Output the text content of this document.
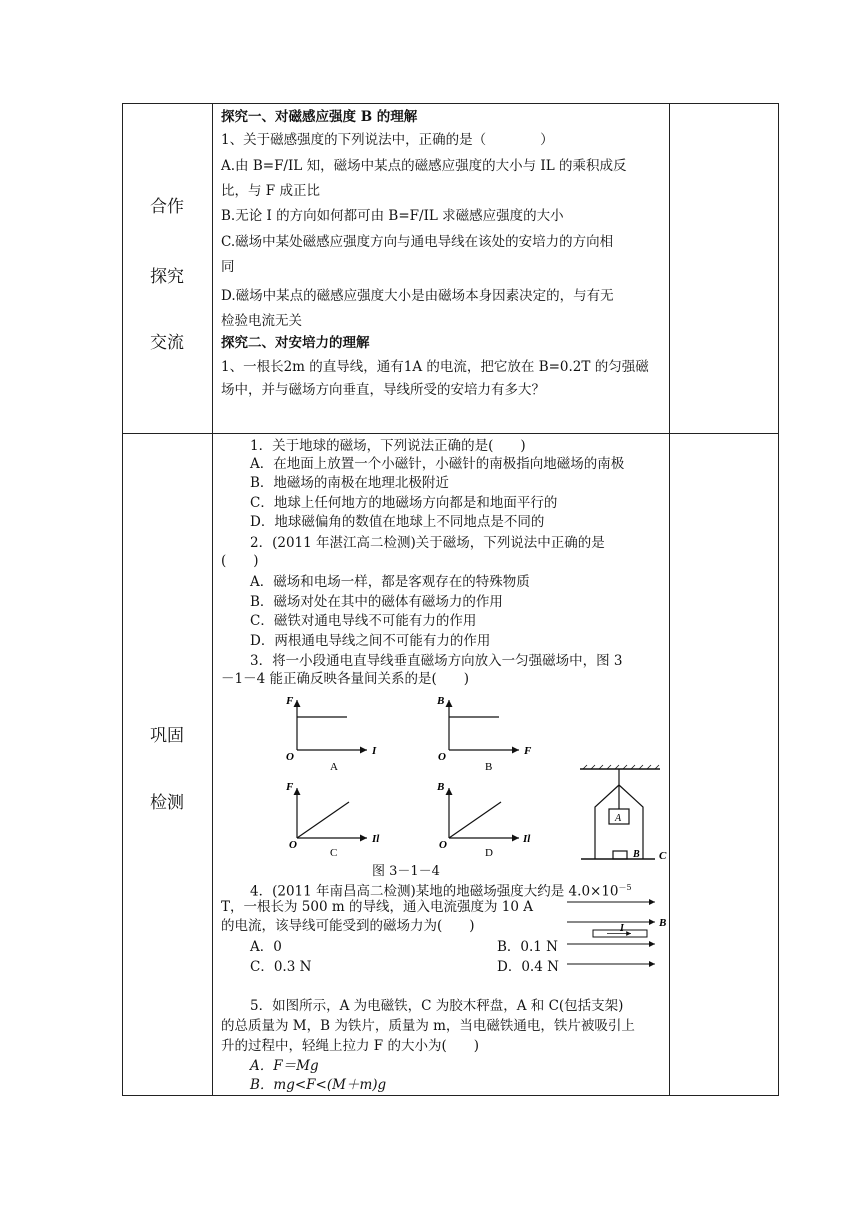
合作
探究
交流
探究一、对磁感应强度 B 的理解
1、关于磁感强度的下列说法中，正确的是（　　　　）
A.由 B=F/IL 知，磁场中某点的磁感应强度的大小与 IL 的乘积成反
比，与 F 成正比
B.无论 I 的方向如何都可由 B=F/IL 求磁感应强度的大小
C.磁场中某处磁感应强度方向与通电导线在该处的安培力的方向相
同
D.磁场中某点的磁感应强度大小是由磁场本身因素决定的，与有无
检验电流无关
探究二、对安培力的理解
1、一根长2m 的直导线，通有1A 的电流，把它放在 B=0.2T 的匀强磁
场中，并与磁场方向垂直，导线所受的安培力有多大？
巩固
检测
1．关于地球的磁场，下列说法正确的是(　　)
A．在地面上放置一个小磁针，小磁针的南极指向地磁场的南极
B．地磁场的南极在地理北极附近
C．地球上任何地方的地磁场方向都是和地面平行的
D．地球磁偏角的数值在地球上不同地点是不同的
2．(2011 年湛江高二检测)关于磁场，下列说法中正确的是
(　　)
A．磁场和电场一样，都是客观存在的特殊物质
B．磁场对处在其中的磁体有磁场力的作用
C．磁铁对通电导线不可能有力的作用
D．两根通电导线之间不可能有力的作用
3．将一小段通电直导线垂直磁场方向放入一匀强磁场中，图 3
－1－4 能正确反映各量间关系的是(　　)
F
O	I
A
B
O	F
B
F
O	Il
C
B
O	Il
D
图 3－1－4
A
B C
4．(2011 年南昌高二检测)某地的地磁场强度大约是 $4.0\times 10^{-5}$
T，一根长为 500 m 的导线，通入电流强度为 10 A
的电流，该导线可能受到的磁场力为(　　)
A．0	B．0.1 N
C．0.3 N	D．0.4 N
I	B
5．如图所示，A 为电磁铁，C 为胶木秤盘，A 和 C(包括支架)
的总质量为 M，B 为铁片，质量为 m，当电磁铁通电，铁片被吸引上
升的过程中，轻绳上拉力 F 的大小为(　　)
A．F＝Mg
B．mg<F<(M＋m)g
